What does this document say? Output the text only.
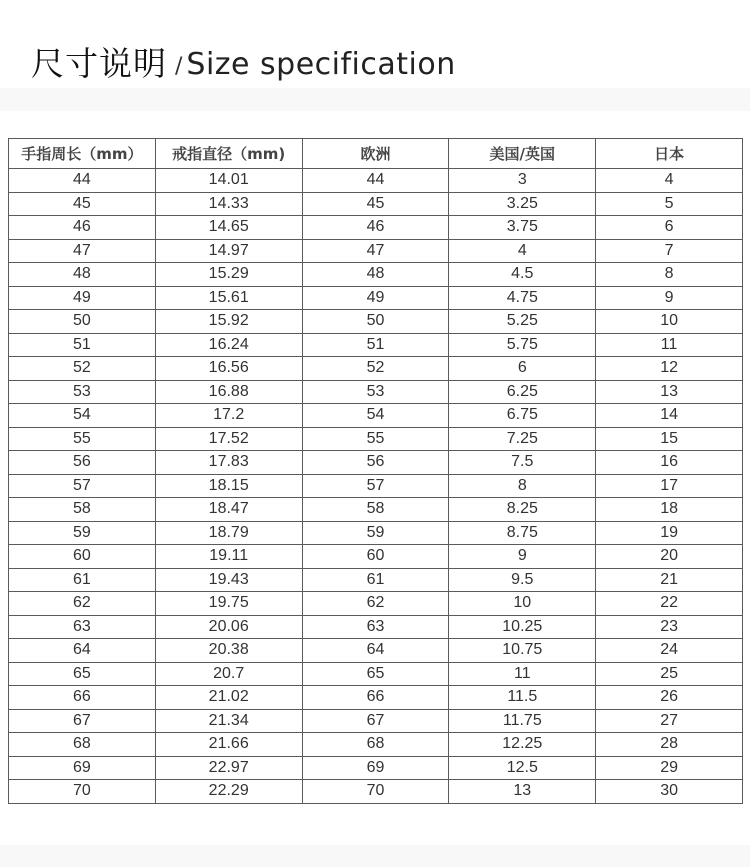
尺寸说明 / Size specification
手指周长（mm）	戒指直径（mm)	欧洲	美国/英国	日本
44	14.01	44	3	4
45	14.33	45	3.25	5
46	14.65	46	3.75	6
47	14.97	47	4	7
48	15.29	48	4.5	8
49	15.61	49	4.75	9
50	15.92	50	5.25	10
51	16.24	51	5.75	11
52	16.56	52	6	12
53	16.88	53	6.25	13
54	17.2	54	6.75	14
55	17.52	55	7.25	15
56	17.83	56	7.5	16
57	18.15	57	8	17
58	18.47	58	8.25	18
59	18.79	59	8.75	19
60	19.11	60	9	20
61	19.43	61	9.5	21
62	19.75	62	10	22
63	20.06	63	10.25	23
64	20.38	64	10.75	24
65	20.7	65	11	25
66	21.02	66	11.5	26
67	21.34	67	11.75	27
68	21.66	68	12.25	28
69	22.97	69	12.5	29
70	22.29	70	13	30
